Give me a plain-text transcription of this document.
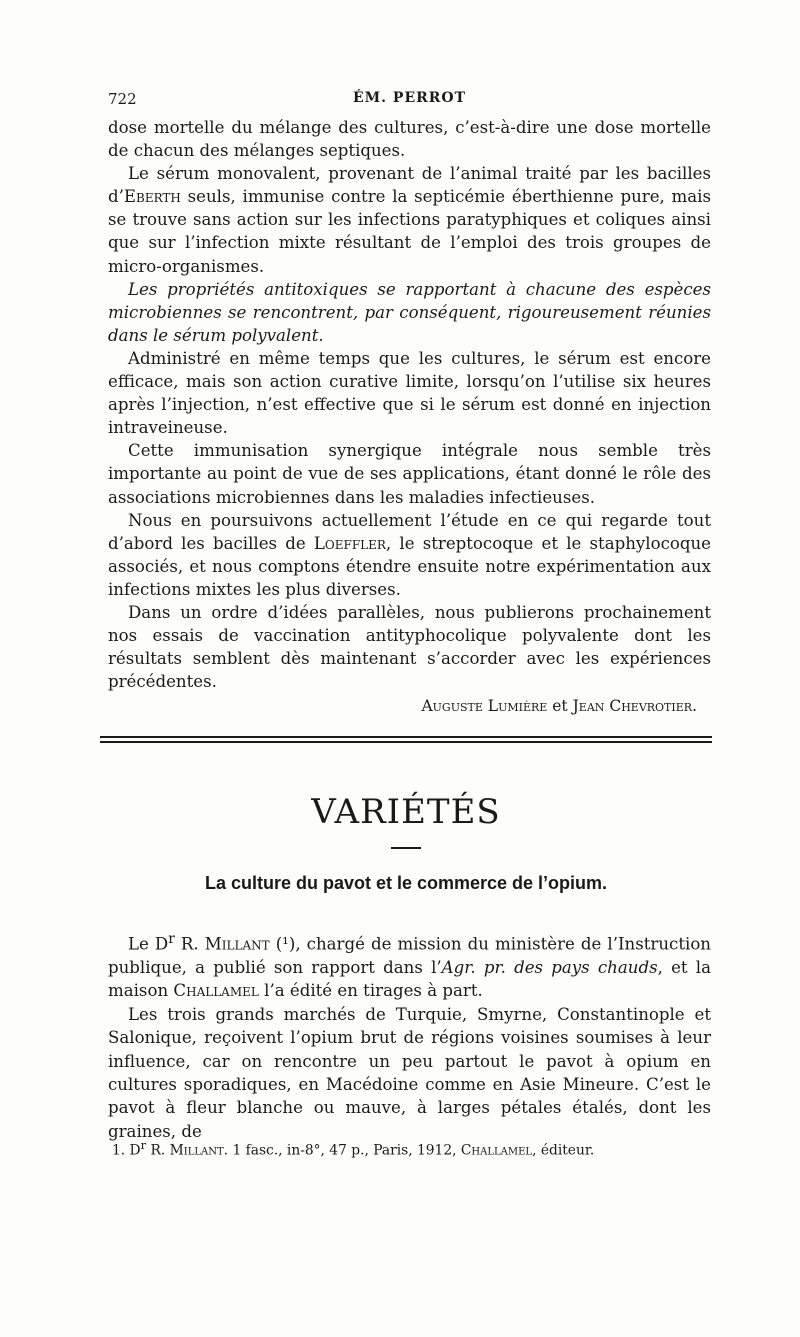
722	ÉM. PERROT

dose mortelle du mélange des cultures, c’est-à-dire une dose mortelle de chacun des mélanges septiques.

Le sérum monovalent, provenant de l’animal traité par les bacilles d’Eberth seuls, immunise contre la septicémie éberthienne pure, mais se trouve sans action sur les infections paratyphiques et coliques ainsi que sur l’infection mixte résultant de l’emploi des trois groupes de micro-organismes.

Les propriétés antitoxiques se rapportant à chacune des espèces microbiennes se rencontrent, par conséquent, rigoureusement réunies dans le sérum polyvalent.

Administré en même temps que les cultures, le sérum est encore efficace, mais son action curative limite, lorsqu’on l’utilise six heures après l’injection, n’est effective que si le sérum est donné en injection intraveineuse.

Cette immunisation synergique intégrale nous semble très importante au point de vue de ses applications, étant donné le rôle des associations microbiennes dans les maladies infectieuses.

Nous en poursuivons actuellement l’étude en ce qui regarde tout d’abord les bacilles de Loeffler, le streptocoque et le staphylocoque associés, et nous comptons étendre ensuite notre expérimentation aux infections mixtes les plus diverses.

Dans un ordre d’idées parallèles, nous publierons prochainement nos essais de vaccination antityphocolique polyvalente dont les résultats semblent dès maintenant s’accorder avec les expériences précédentes.

Auguste Lumière et Jean Chevrotier.
VARIÉTÉS
La culture du pavot et le commerce de l’opium.

Le $D^r$ R. Millant (¹), chargé de mission du ministère de l’Instruction publique, a publié son rapport dans l’Agr. pr. des pays chauds, et la maison Challamel l’a édité en tirages à part.

Les trois grands marchés de Turquie, Smyrne, Constantinople et Salonique, reçoivent l’opium brut de régions voisines soumises à leur influence, car on rencontre un peu partout le pavot à opium en cultures sporadiques, en Macédoine comme en Asie Mineure. C’est le pavot à fleur blanche ou mauve, à larges pétales étalés, dont les graines, de

1. $D^r$ R. Millant. 1 fasc., in-8°, 47 p., Paris, 1912, Challamel, éditeur.
